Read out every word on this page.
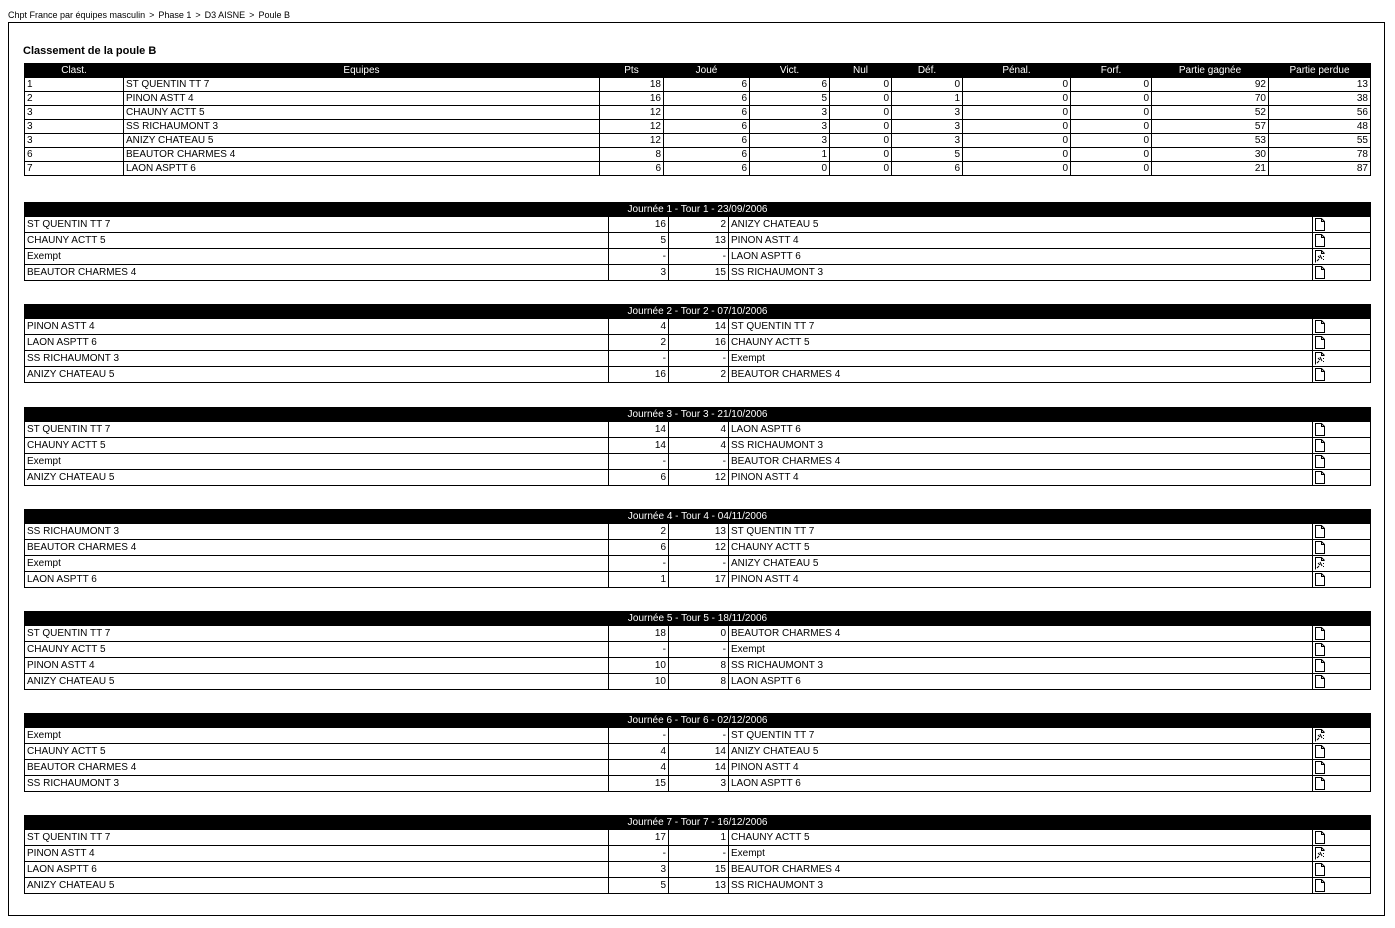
Chpt France par équipes masculin > Phase 1 > D3 AISNE > Poule B
Classement de la poule B
Clast.	Equipes	Pts	Joué	Vict.	Nul	Déf.	Pénal.	Forf.	Partie gagnée	Partie perdue
1	ST QUENTIN TT 7	18	6	6	0	0	0	0	92	13
2	PINON ASTT 4	16	6	5	0	1	0	0	70	38
3	CHAUNY ACTT 5	12	6	3	0	3	0	0	52	56
3	SS RICHAUMONT 3	12	6	3	0	3	0	0	57	48
3	ANIZY CHATEAU 5	12	6	3	0	3	0	0	53	55
6	BEAUTOR CHARMES 4	8	6	1	0	5	0	0	30	78
7	LAON ASPTT 6	6	6	0	0	6	0	0	21	87
Journée 1 - Tour 1 - 23/09/2006				
ST QUENTIN TT 7	16	2	ANIZY CHATEAU 5	
CHAUNY ACTT 5	5	13	PINON ASTT 4	
Exempt	-	-	LAON ASPTT 6	
BEAUTOR CHARMES 4	3	15	SS RICHAUMONT 3	
Journée 2 - Tour 2 - 07/10/2006				
PINON ASTT 4	4	14	ST QUENTIN TT 7	
LAON ASPTT 6	2	16	CHAUNY ACTT 5	
SS RICHAUMONT 3	-	-	Exempt	
ANIZY CHATEAU 5	16	2	BEAUTOR CHARMES 4	
Journée 3 - Tour 3 - 21/10/2006				
ST QUENTIN TT 7	14	4	LAON ASPTT 6	
CHAUNY ACTT 5	14	4	SS RICHAUMONT 3	
Exempt	-	-	BEAUTOR CHARMES 4	
ANIZY CHATEAU 5	6	12	PINON ASTT 4	
Journée 4 - Tour 4 - 04/11/2006				
SS RICHAUMONT 3	2	13	ST QUENTIN TT 7	
BEAUTOR CHARMES 4	6	12	CHAUNY ACTT 5	
Exempt	-	-	ANIZY CHATEAU 5	
LAON ASPTT 6	1	17	PINON ASTT 4	
Journée 5 - Tour 5 - 18/11/2006				
ST QUENTIN TT 7	18	0	BEAUTOR CHARMES 4	
CHAUNY ACTT 5	-	-	Exempt	
PINON ASTT 4	10	8	SS RICHAUMONT 3	
ANIZY CHATEAU 5	10	8	LAON ASPTT 6	
Journée 6 - Tour 6 - 02/12/2006				
Exempt	-	-	ST QUENTIN TT 7	
CHAUNY ACTT 5	4	14	ANIZY CHATEAU 5	
BEAUTOR CHARMES 4	4	14	PINON ASTT 4	
SS RICHAUMONT 3	15	3	LAON ASPTT 6	
Journée 7 - Tour 7 - 16/12/2006				
ST QUENTIN TT 7	17	1	CHAUNY ACTT 5	
PINON ASTT 4	-	-	Exempt	
LAON ASPTT 6	3	15	BEAUTOR CHARMES 4	
ANIZY CHATEAU 5	5	13	SS RICHAUMONT 3	
